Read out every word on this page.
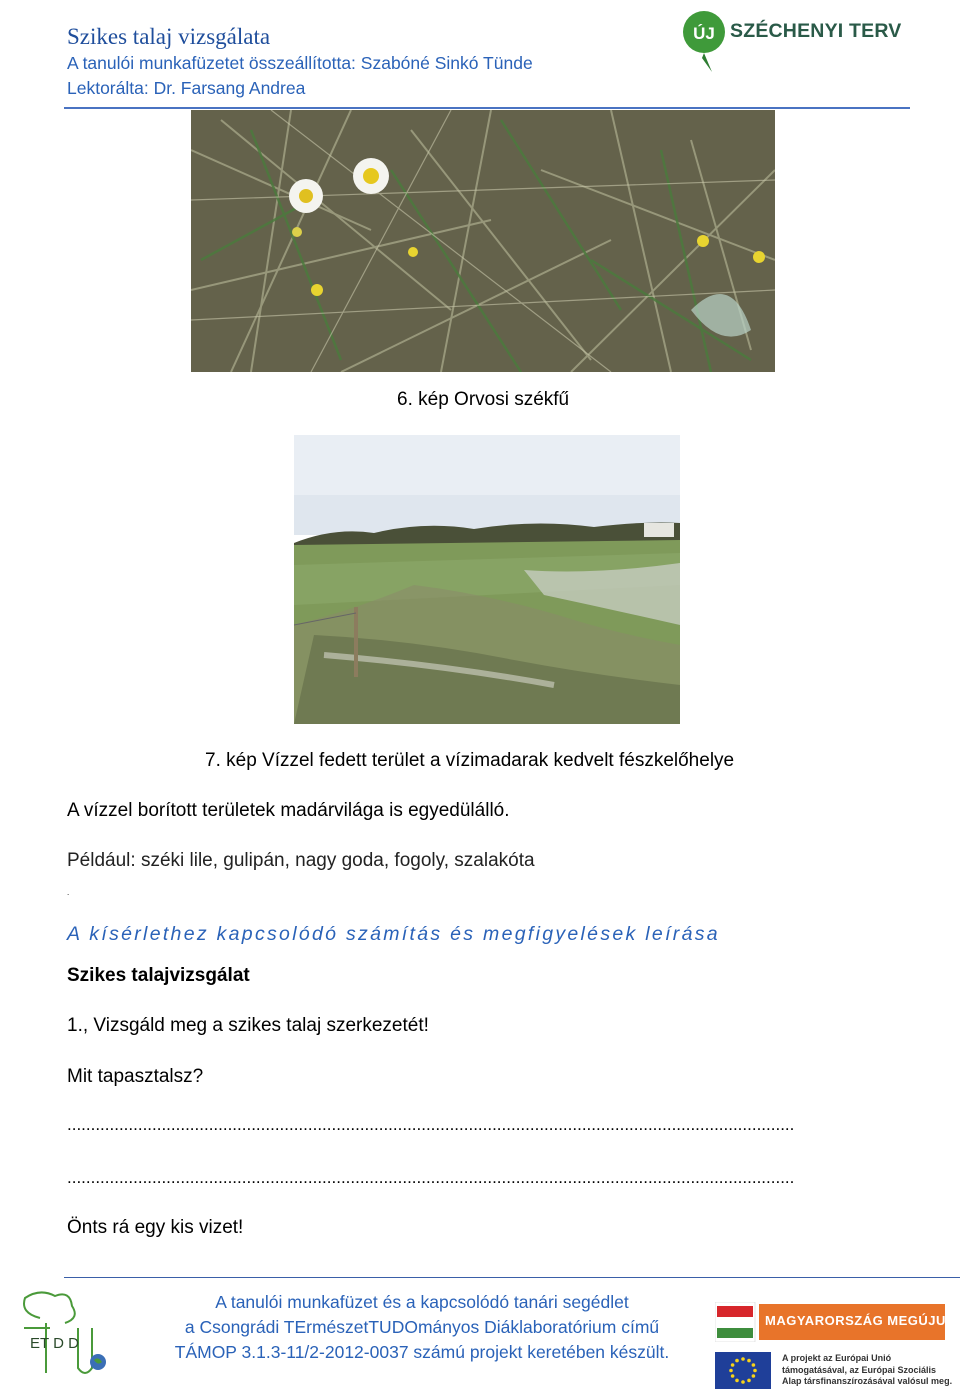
Szikes talaj vizsgálata
A tanulói munkafüzetet összeállította: Szabóné Sinkó Tünde
Lektorálta: Dr. Farsang Andrea
ÚJ SZÉCHENYI TERV
6. kép Orvosi székfű
7. kép Vízzel fedett terület a vízimadarak kedvelt fészkelőhelye
A vízzel borított területek madárvilága is egyedülálló.
Például: széki lile, gulipán, nagy goda, fogoly, szalakóta
.
A kísérlethez kapcsolódó számítás és megfigyelések leírása
Szikes talajvizsgálat
1., Vizsgáld meg a szikes talaj szerkezetét!
Mit tapasztalsz?
..........................................................................................................................................................
..........................................................................................................................................................
Önts rá egy kis vizet!
ET D D
A tanulói munkafüzet és a kapcsolódó tanári segédlet
a Csongrádi TErmészetTUDOmányos Diáklaboratórium című
TÁMOP 3.1.3-11/2-2012-0037 számú projekt keretében készült.
MAGYARORSZÁG MEGÚJUL
A projekt az Európai Unió támogatásával, az Európai Szociális Alap társfinanszírozásával valósul meg.
